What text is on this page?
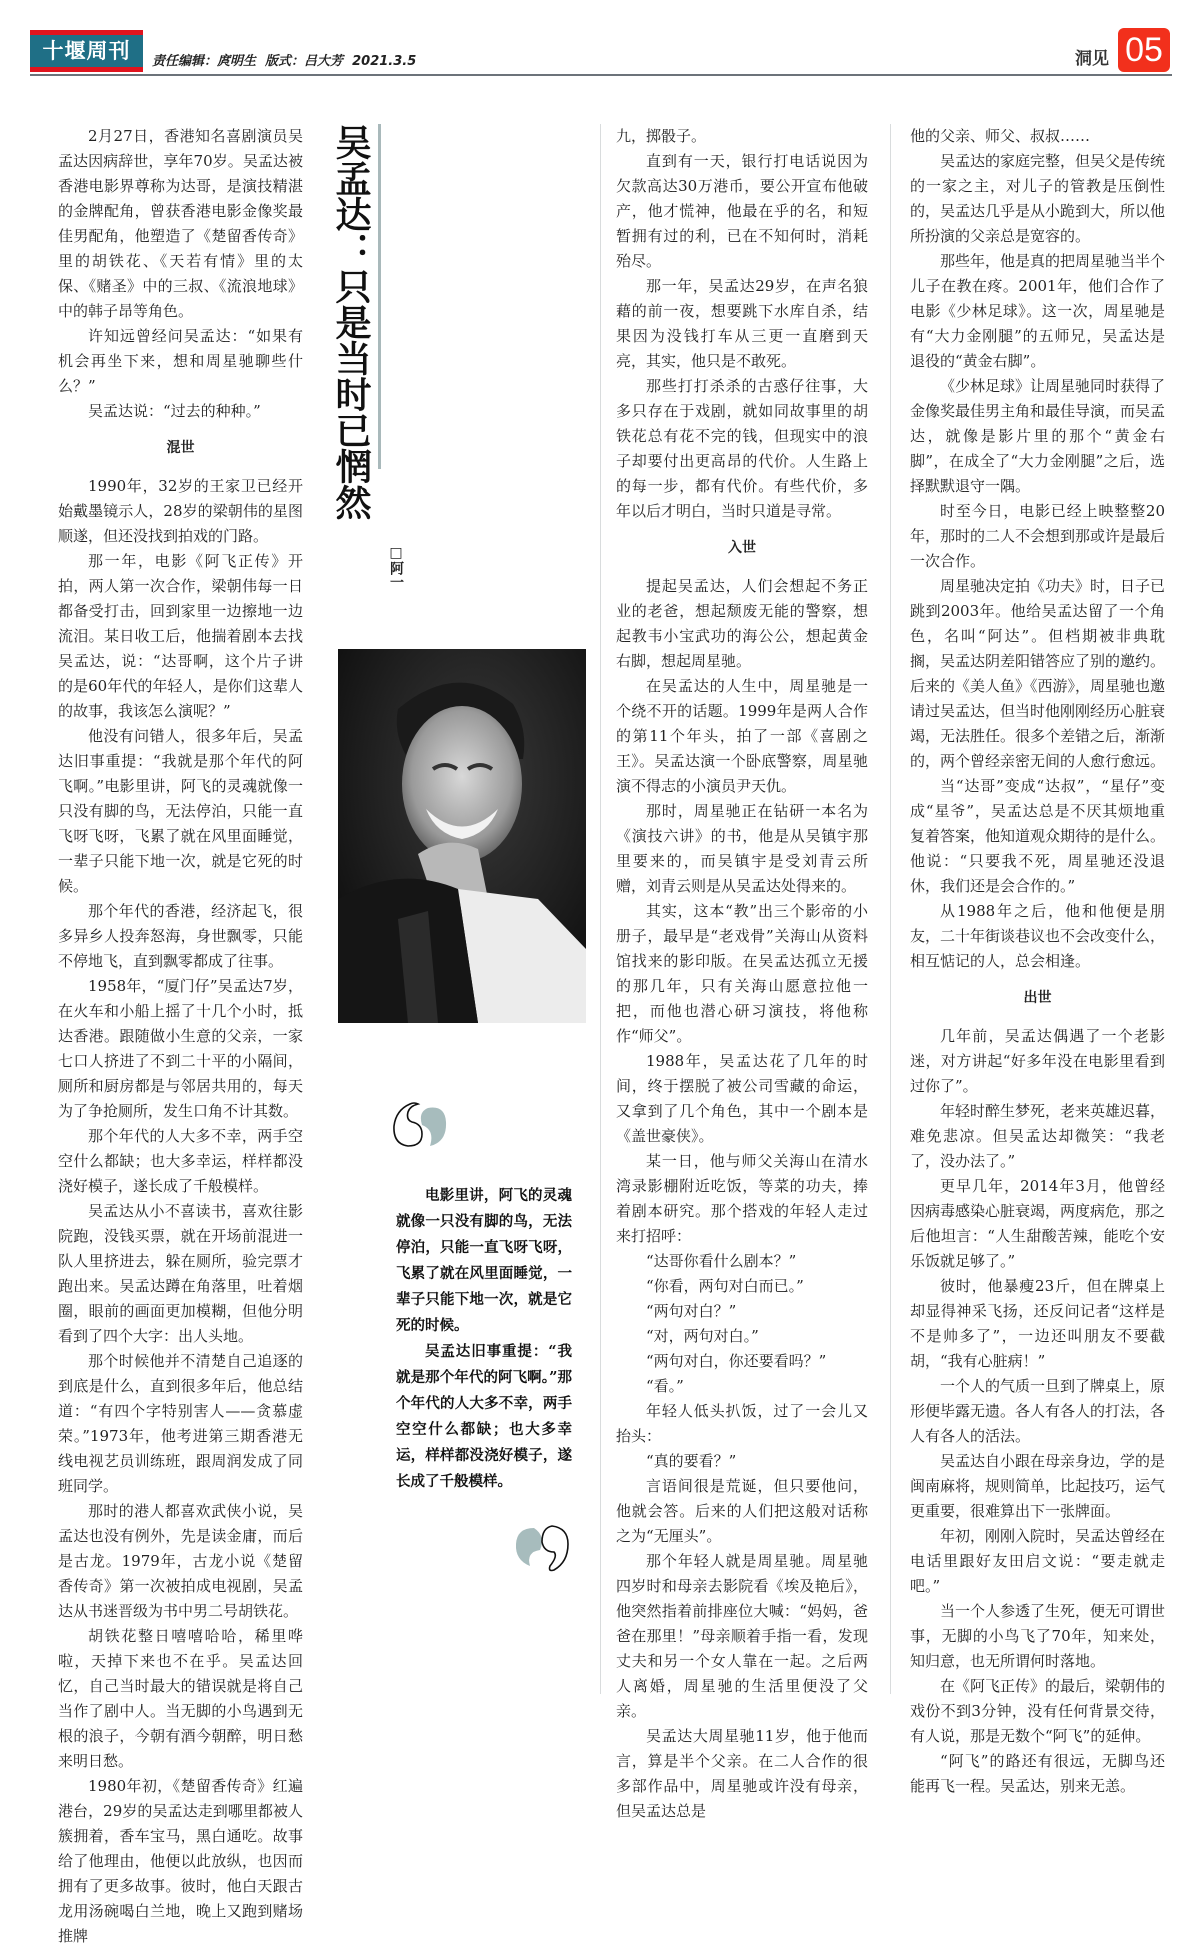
十堰周刊	责任编辑：庹明生  版式：吕大芳  2021.3.5	洞见 05

2月27日，香港知名喜剧演员吴孟达因病辞世，享年70岁。吴孟达被香港电影界尊称为达哥，是演技精湛的金牌配角，曾获香港电影金像奖最佳男配角，他塑造了《楚留香传奇》里的胡铁花、《天若有情》里的太保、《赌圣》中的三叔、《流浪地球》中的韩子昂等角色。

许知远曾经问吴孟达：“如果有机会再坐下来，想和周星驰聊些什么？”

吴孟达说：“过去的种种。”

混世

1990年，32岁的王家卫已经开始戴墨镜示人，28岁的梁朝伟的星图顺遂，但还没找到拍戏的门路。

那一年，电影《阿飞正传》开拍，两人第一次合作，梁朝伟每一日都备受打击，回到家里一边擦地一边流泪。某日收工后，他揣着剧本去找吴孟达，说：“达哥啊，这个片子讲的是60年代的年轻人，是你们这辈人的故事，我该怎么演呢？”

他没有问错人，很多年后，吴孟达旧事重提：“我就是那个年代的阿飞啊。”电影里讲，阿飞的灵魂就像一只没有脚的鸟，无法停泊，只能一直飞呀飞呀，飞累了就在风里面睡觉，一辈子只能下地一次，就是它死的时候。

那个年代的香港，经济起飞，很多异乡人投奔怒海，身世飘零，只能不停地飞，直到飘零都成了往事。

1958年，“厦门仔”吴孟达7岁，在火车和小船上摇了十几个小时，抵达香港。跟随做小生意的父亲，一家七口人挤进了不到二十平的小隔间，厕所和厨房都是与邻居共用的，每天为了争抢厕所，发生口角不计其数。

那个年代的人大多不幸，两手空空什么都缺；也大多幸运，样样都没浇好模子，遂长成了千般模样。

吴孟达从小不喜读书，喜欢往影院跑，没钱买票，就在开场前混进一队人里挤进去，躲在厕所，验完票才跑出来。吴孟达蹲在角落里，吐着烟圈，眼前的画面更加模糊，但他分明看到了四个大字：出人头地。

那个时候他并不清楚自己追逐的到底是什么，直到很多年后，他总结道：“有四个字特别害人——贪慕虚荣。”1973年，他考进第三期香港无线电视艺员训练班，跟周润发成了同班同学。

那时的港人都喜欢武侠小说，吴孟达也没有例外，先是读金庸，而后是古龙。1979年，古龙小说《楚留香传奇》第一次被拍成电视剧，吴孟达从书迷晋级为书中男二号胡铁花。

胡铁花整日嘻嘻哈哈，稀里哗啦，天掉下来也不在乎。吴孟达回忆，自己当时最大的错误就是将自己当作了剧中人。当无脚的小鸟遇到无根的浪子，今朝有酒今朝醉，明日愁来明日愁。

1980年初，《楚留香传奇》红遍港台，29岁的吴孟达走到哪里都被人簇拥着，香车宝马，黑白通吃。故事给了他理由，他便以此放纵，也因而拥有了更多故事。彼时，他白天跟古龙用汤碗喝白兰地，晚上又跑到赌场推牌

吴孟达：只是当时已惘然
□阿一

电影里讲，阿飞的灵魂就像一只没有脚的鸟，无法停泊，只能一直飞呀飞呀，飞累了就在风里面睡觉，一辈子只能下地一次，就是它死的时候。

吴孟达旧事重提：“我就是那个年代的阿飞啊。”那个年代的人大多不幸，两手空空什么都缺；也大多幸运，样样都没浇好模子，遂长成了千般模样。

九，掷骰子。

直到有一天，银行打电话说因为欠款高达30万港币，要公开宣布他破产，他才慌神，他最在乎的名，和短暂拥有过的利，已在不知何时，消耗殆尽。

那一年，吴孟达29岁，在声名狼藉的前一夜，想要跳下水库自杀，结果因为没钱打车从三更一直磨到天亮，其实，他只是不敢死。

那些打打杀杀的古惑仔往事，大多只存在于戏剧，就如同故事里的胡铁花总有花不完的钱，但现实中的浪子却要付出更高昂的代价。人生路上的每一步，都有代价。有些代价，多年以后才明白，当时只道是寻常。

入世

提起吴孟达，人们会想起不务正业的老爸，想起颓废无能的警察，想起教韦小宝武功的海公公，想起黄金右脚，想起周星驰。

在吴孟达的人生中，周星驰是一个绕不开的话题。1999年是两人合作的第11个年头，拍了一部《喜剧之王》。吴孟达演一个卧底警察，周星驰演不得志的小演员尹天仇。

那时，周星驰正在钻研一本名为《演技六讲》的书，他是从吴镇宇那里要来的，而吴镇宇是受刘青云所赠，刘青云则是从吴孟达处得来的。

其实，这本“教”出三个影帝的小册子，最早是“老戏骨”关海山从资料馆找来的影印版。在吴孟达孤立无援的那几年，只有关海山愿意拉他一把，而他也潜心研习演技，将他称作“师父”。

1988年，吴孟达花了几年的时间，终于摆脱了被公司雪藏的命运，又拿到了几个角色，其中一个剧本是《盖世豪侠》。

某一日，他与师父关海山在清水湾录影棚附近吃饭，等菜的功夫，捧着剧本研究。那个搭戏的年轻人走过来打招呼：

“达哥你看什么剧本？”

“你看，两句对白而已。”

“两句对白？”

“对，两句对白。”

“两句对白，你还要看吗？”

“看。”

年轻人低头扒饭，过了一会儿又抬头：

“真的要看？”

言语间很是荒诞，但只要他问，他就会答。后来的人们把这般对话称之为“无厘头”。

那个年轻人就是周星驰。周星驰四岁时和母亲去影院看《埃及艳后》，他突然指着前排座位大喊：“妈妈，爸爸在那里！”母亲顺着手指一看，发现丈夫和另一个女人靠在一起。之后两人离婚，周星驰的生活里便没了父亲。

吴孟达大周星驰11岁，他于他而言，算是半个父亲。在二人合作的很多部作品中，周星驰或许没有母亲，但吴孟达总是

他的父亲、师父、叔叔……

吴孟达的家庭完整，但吴父是传统的一家之主，对儿子的管教是压倒性的，吴孟达几乎是从小跪到大，所以他所扮演的父亲总是宽容的。

那些年，他是真的把周星驰当半个儿子在教在疼。2001年，他们合作了电影《少林足球》。这一次，周星驰是有“大力金刚腿”的五师兄，吴孟达是退役的“黄金右脚”。

《少林足球》让周星驰同时获得了金像奖最佳男主角和最佳导演，而吴孟达，就像是影片里的那个“黄金右脚”，在成全了“大力金刚腿”之后，选择默默退守一隅。

时至今日，电影已经上映整整20年，那时的二人不会想到那或许是最后一次合作。

周星驰决定拍《功夫》时，日子已跳到2003年。他给吴孟达留了一个角色，名叫“阿达”。但档期被非典耽搁，吴孟达阴差阳错答应了别的邀约。后来的《美人鱼》《西游》，周星驰也邀请过吴孟达，但当时他刚刚经历心脏衰竭，无法胜任。很多个差错之后，渐渐的，两个曾经亲密无间的人愈行愈远。

当“达哥”变成“达叔”，“星仔”变成“星爷”，吴孟达总是不厌其烦地重复着答案，他知道观众期待的是什么。他说：“只要我不死，周星驰还没退休，我们还是会合作的。”

从1988年之后，他和他便是朋友，二十年街谈巷议也不会改变什么，相互惦记的人，总会相逢。

出世

几年前，吴孟达偶遇了一个老影迷，对方讲起“好多年没在电影里看到过你了”。

年轻时醉生梦死，老来英雄迟暮，难免悲凉。但吴孟达却微笑：“我老了，没办法了。”

更早几年，2014年3月，他曾经因病毒感染心脏衰竭，两度病危，那之后他坦言：“人生甜酸苦辣，能吃个安乐饭就足够了。”

彼时，他暴瘦23斤，但在牌桌上却显得神采飞扬，还反问记者“这样是不是帅多了”，一边还叫朋友不要截胡，“我有心脏病！”

一个人的气质一旦到了牌桌上，原形便毕露无遗。各人有各人的打法，各人有各人的活法。

吴孟达自小跟在母亲身边，学的是闽南麻将，规则简单，比起技巧，运气更重要，很难算出下一张牌面。

年初，刚刚入院时，吴孟达曾经在电话里跟好友田启文说：“要走就走吧。”

当一个人参透了生死，便无可谓世事，无脚的小鸟飞了70年，知来处，知归意，也无所谓何时落地。

在《阿飞正传》的最后，梁朝伟的戏份不到3分钟，没有任何背景交待，有人说，那是无数个“阿飞”的延伸。

“阿飞”的路还有很远，无脚鸟还能再飞一程。吴孟达，别来无恙。
